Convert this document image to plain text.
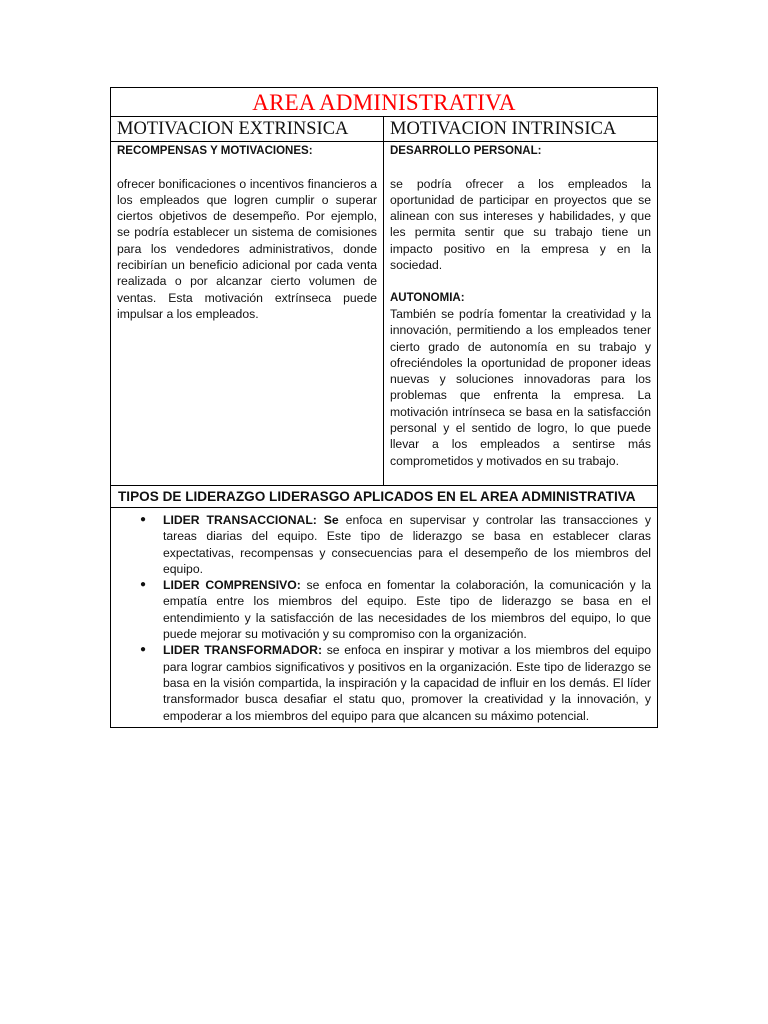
AREA ADMINISTRATIVA
MOTIVACION EXTRINSICA	MOTIVACION INTRINSICA

RECOMPENSAS Y MOTIVACIONES:

ofrecer bonificaciones o incentivos financieros a los empleados que logren cumplir o superar ciertos objetivos de desempeño. Por ejemplo, se podría establecer un sistema de comisiones para los vendedores administrativos, donde recibirían un beneficio adicional por cada venta realizada o por alcanzar cierto volumen de ventas. Esta motivación extrínseca puede impulsar a los empleados.

DESARROLLO PERSONAL:

se podría ofrecer a los empleados la oportunidad de participar en proyectos que se alinean con sus intereses y habilidades, y que les permita sentir que su trabajo tiene un impacto positivo en la empresa y en la sociedad.

AUTONOMIA:

También se podría fomentar la creatividad y la innovación, permitiendo a los empleados tener cierto grado de autonomía en su trabajo y ofreciéndoles la oportunidad de proponer ideas nuevas y soluciones innovadoras para los problemas que enfrenta la empresa. La motivación intrínseca se basa en la satisfacción personal y el sentido de logro, lo que puede llevar a los empleados a sentirse más comprometidos y motivados en su trabajo.

TIPOS DE LIDERAZGO LIDERASGO APLICADOS EN EL AREA ADMINISTRATIVA
● LIDER TRANSACCIONAL: Se enfoca en supervisar y controlar las transacciones y tareas diarias del equipo. Este tipo de liderazgo se basa en establecer claras expectativas, recompensas y consecuencias para el desempeño de los miembros del equipo.
● LIDER COMPRENSIVO: se enfoca en fomentar la colaboración, la comunicación y la empatía entre los miembros del equipo. Este tipo de liderazgo se basa en el entendimiento y la satisfacción de las necesidades de los miembros del equipo, lo que puede mejorar su motivación y su compromiso con la organización.
● LIDER TRANSFORMADOR: se enfoca en inspirar y motivar a los miembros del equipo para lograr cambios significativos y positivos en la organización. Este tipo de liderazgo se basa en la visión compartida, la inspiración y la capacidad de influir en los demás. El líder transformador busca desafiar el statu quo, promover la creatividad y la innovación, y empoderar a los miembros del equipo para que alcancen su máximo potencial.
